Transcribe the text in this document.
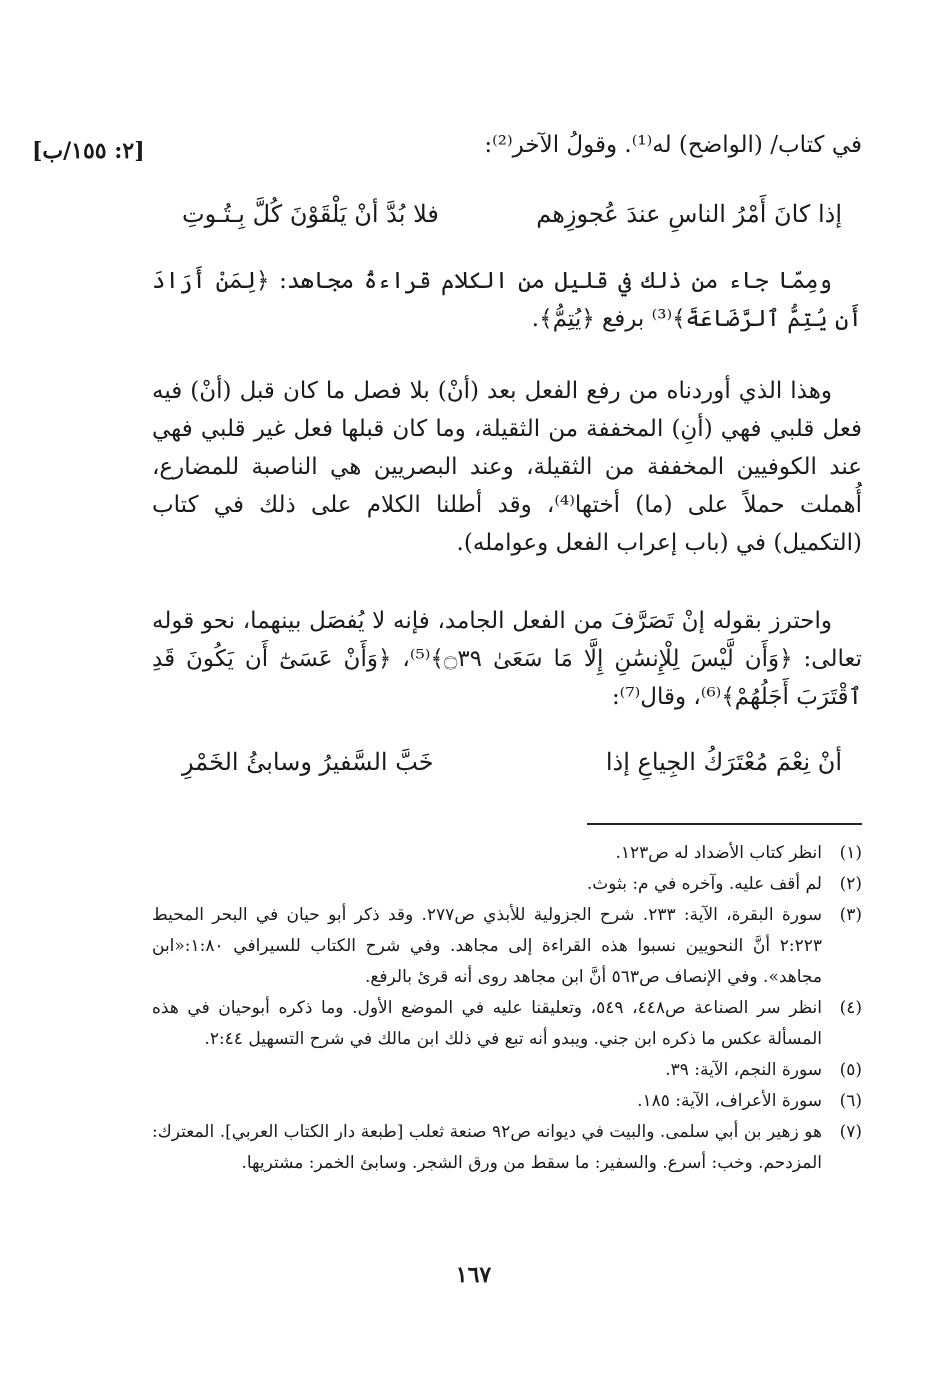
[٢: ١٥٥/ب]	في كتاب/ (الواضح) له⁽¹⁾. وقولُ الآخر⁽²⁾:
إذا كانَ أَمْرُ الناسِ عندَ عُجوزِهم
فلا بُدَّ أنْ يَلْقَوْنَ كُلَّ بِـتُـوتِ
ومِمّا جاء من ذلك في قليل من الكلام قراءةُ مجاهد: ﴿لِمَنْ أَرَادَ أَن يُتِمُّ ٱلرَّضَاعَةَ﴾⁽³⁾ برفع ﴿يُتِمُّ﴾.
وهذا الذي أوردناه من رفع الفعل بعد (أنْ) بلا فصل ما كان قبل (أنْ) فيه فعل قلبي فهي (أنِ) المخففة من الثقيلة، وما كان قبلها فعل غير قلبي فهي عند الكوفيين المخففة من الثقيلة، وعند البصريين هي الناصبة للمضارع، أُهملت حملاً على (ما) أختها⁽⁴⁾، وقد أطلنا الكلام على ذلك في كتاب (التكميل) في (باب إعراب الفعل وعوامله).
واحترز بقوله إنْ تَصَرَّفَ من الفعل الجامد، فإنه لا يُفصَل بينهما، نحو قوله تعالى: ﴿وَأَن لَّيْسَ لِلْإِنسَٰنِ إِلَّا مَا سَعَىٰ ۝٣٩﴾⁽⁵⁾، ﴿وَأَنْ عَسَىٰٓ أَن يَكُونَ قَدِ ٱقْتَرَبَ أَجَلُهُمْ﴾⁽⁶⁾، وقال⁽⁷⁾:
أنْ نِعْمَ مُعْتَرَكُ الجِياعِ إذا
خَبَّ السَّفيرُ وسابئُ الخَمْرِ
(١)
انظر كتاب الأضداد له ص١٢٣.
(٢)
لم أقف عليه. وآخره في م: بثوث.
(٣)
سورة البقرة، الآية: ٢٣٣. شرح الجزولية للأبذي ص٢٧٧. وقد ذكر أبو حيان في البحر المحيط ٢:٢٢٣ أنَّ النحويين نسبوا هذه القراءة إلى مجاهد. وفي شرح الكتاب للسيرافي ١:٨٠:«ابن مجاهد». وفي الإنصاف ص٥٦٣ أنَّ ابن مجاهد روى أنه قرئ بالرفع.
(٤)
انظر سر الصناعة ص٤٤٨، ٥٤٩، وتعليقنا عليه في الموضع الأول. وما ذكره أبوحيان في هذه المسألة عكس ما ذكره ابن جني. ويبدو أنه تبع في ذلك ابن مالك في شرح التسهيل ٢:٤٤.
(٥)
سورة النجم، الآية: ٣٩.
(٦)
سورة الأعراف، الآية: ١٨٥.
(٧)
هو زهير بن أبي سلمى. والبيت في ديوانه ص٩٢ صنعة ثعلب [طبعة دار الكتاب العربي]. المعترك: المزدحم. وخب: أسرع. والسفير: ما سقط من ورق الشجر. وسابئ الخمر: مشتريها.
١٦٧
